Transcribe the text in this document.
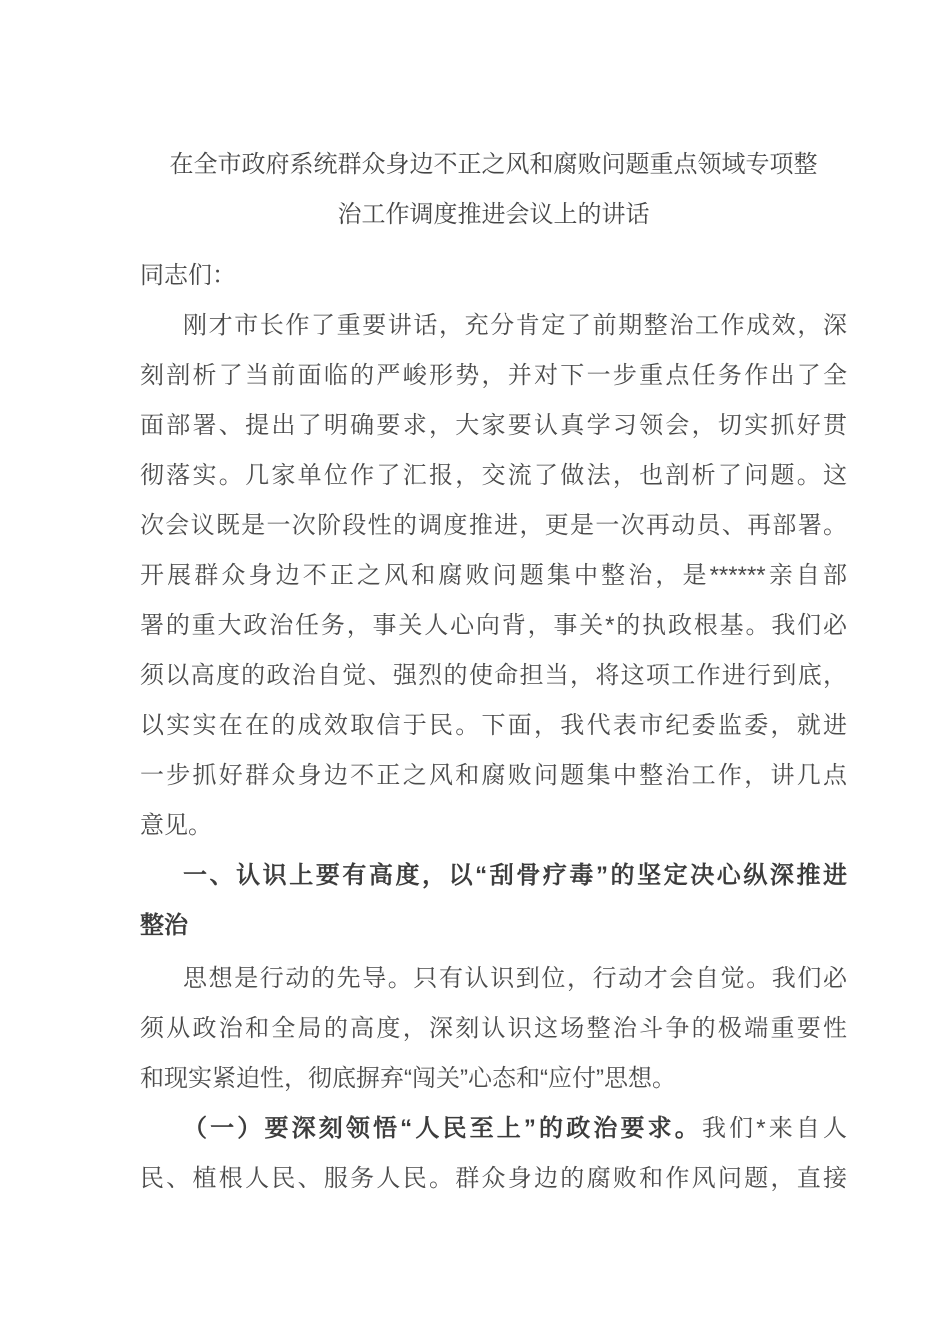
在全市政府系统群众身边不正之风和腐败问题重点领域专项整
治工作调度推进会议上的讲话

同志们：

刚才市长作了重要讲话，充分肯定了前期整治工作成效，深

刻剖析了当前面临的严峻形势，并对下一步重点任务作出了全

面部署、提出了明确要求，大家要认真学习领会，切实抓好贯

彻落实。几家单位作了汇报，交流了做法，也剖析了问题。这

次会议既是一次阶段性的调度推进，更是一次再动员、再部署。

开展群众身边不正之风和腐败问题集中整治，是******亲自部

署的重大政治任务，事关人心向背，事关*的执政根基。我们必

须以高度的政治自觉、强烈的使命担当，将这项工作进行到底，

以实实在在的成效取信于民。下面，我代表市纪委监委，就进

一步抓好群众身边不正之风和腐败问题集中整治工作，讲几点

意见。

一、认识上要有高度，以“刮骨疗毒”的坚定决心纵深推进

整治

思想是行动的先导。只有认识到位，行动才会自觉。我们必

须从政治和全局的高度，深刻认识这场整治斗争的极端重要性

和现实紧迫性，彻底摒弃“闯关”心态和“应付”思想。

（一）要深刻领悟“人民至上”的政治要求。我们*来自人

民、植根人民、服务人民。群众身边的腐败和作风问题，直接
